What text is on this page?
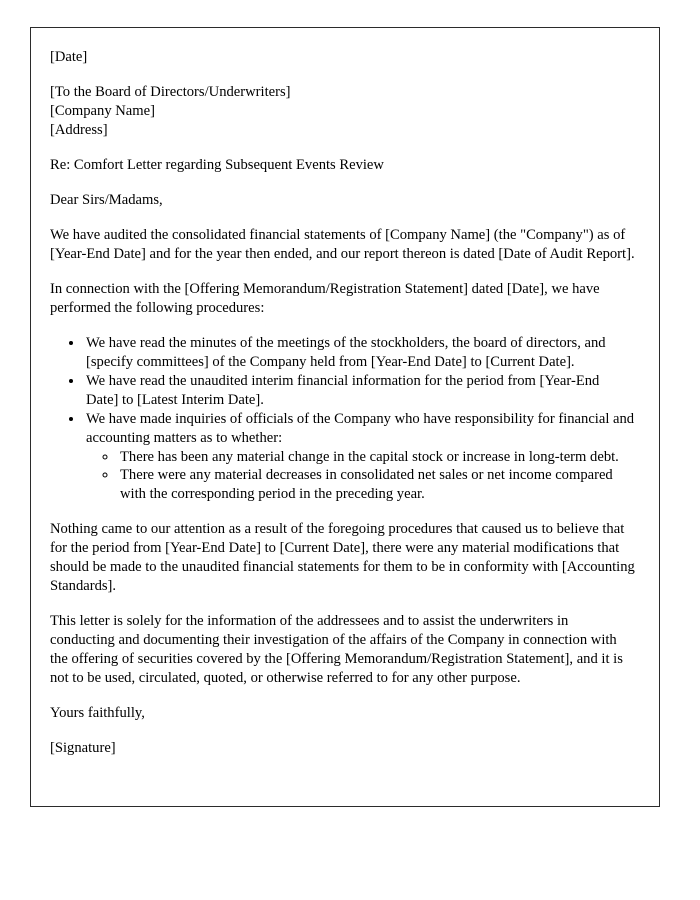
[Date]

[To the Board of Directors/Underwriters]

[Company Name]

[Address]

Re: Comfort Letter regarding Subsequent Events Review

Dear Sirs/Madams,

We have audited the consolidated financial statements of [Company Name] (the "Company") as of [Year-End Date] and for the year then ended, and our report thereon is dated [Date of Audit Report].

In connection with the [Offering Memorandum/Registration Statement] dated [Date], we have performed the following procedures:

• We have read the minutes of the meetings of the stockholders, the board of directors, and [specify committees] of the Company held from [Year-End Date] to [Current Date].
• We have read the unaudited interim financial information for the period from [Year-End Date] to [Latest Interim Date].
• We have made inquiries of officials of the Company who have responsibility for financial and accounting matters as to whether:
◦ There has been any material change in the capital stock or increase in long-term debt.
◦ There were any material decreases in consolidated net sales or net income compared with the corresponding period in the preceding year.

Nothing came to our attention as a result of the foregoing procedures that caused us to believe that for the period from [Year-End Date] to [Current Date], there were any material modifications that should be made to the unaudited financial statements for them to be in conformity with [Accounting Standards].

This letter is solely for the information of the addressees and to assist the underwriters in conducting and documenting their investigation of the affairs of the Company in connection with the offering of securities covered by the [Offering Memorandum/Registration Statement], and it is not to be used, circulated, quoted, or otherwise referred to for any other purpose.

Yours faithfully,

[Signature]
